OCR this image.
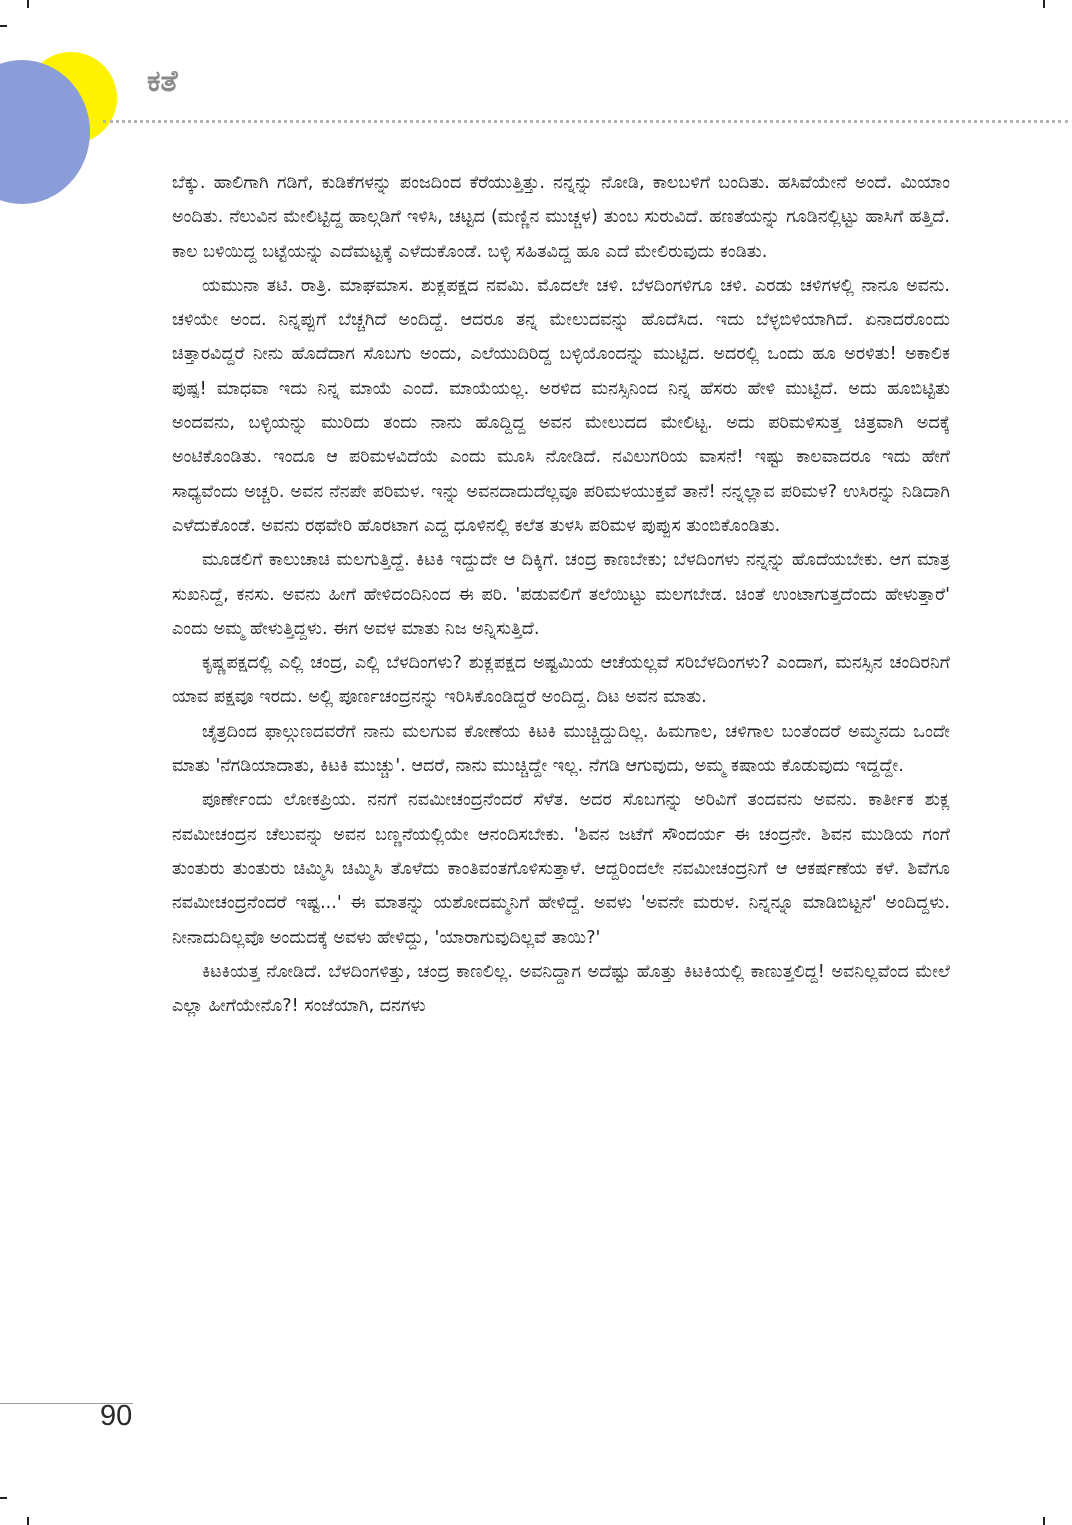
ಕತೆ

ಬೆಕ್ಕು. ಹಾಲಿಗಾಗಿ ಗಡಿಗೆ, ಕುಡಿಕೆಗಳನ್ನು ಪಂಜದಿಂದ ಕೆರೆಯುತ್ತಿತ್ತು. ನನ್ನನ್ನು ನೋಡಿ, ಕಾಲಬಳಿಗೆ ಬಂದಿತು. ಹಸಿವೆಯೇನೆ ಅಂದೆ. ಮಿಯಾಂ ಅಂದಿತು. ನೆಲುವಿನ ಮೇಲಿಟ್ಟಿದ್ದ ಹಾಲ್ಗಡಿಗೆ ಇಳಿಸಿ, ಚಟ್ಟದ (ಮಣ್ಣಿನ ಮುಚ್ಚಳ) ತುಂಬ ಸುರುವಿದೆ. ಹಣತೆಯನ್ನು ಗೂಡಿನಲ್ಲಿಟ್ಟು ಹಾಸಿಗೆ ಹತ್ತಿದೆ. ಕಾಲ ಬಳಿಯಿದ್ದ ಬಟ್ಟೆಯನ್ನು ಎದೆಮಟ್ಟಕ್ಕೆ ಎಳೆದುಕೊಂಡೆ. ಬಳ್ಳಿ ಸಹಿತವಿದ್ದ ಹೂ ಎದೆ ಮೇಲಿರುವುದು ಕಂಡಿತು.

ಯಮುನಾ ತಟಿ. ರಾತ್ರಿ. ಮಾಘಮಾಸ. ಶುಕ್ಲಪಕ್ಷದ ನವಮಿ. ಮೊದಲೇ ಚಳಿ. ಬೆಳದಿಂಗಳಿಗೂ ಚಳಿ. ಎರಡು ಚಳಿಗಳಲ್ಲಿ ನಾನೂ ಅವನು. ಚಳಿಯೇ ಅಂದ. ನಿನ್ನಪ್ಪುಗೆ ಬೆಚ್ಚಗಿದೆ ಅಂದಿದ್ದೆ. ಆದರೂ ತನ್ನ ಮೇಲುದವನ್ನು ಹೊದೆಸಿದ. ಇದು ಬೆಳ್ಳಬಿಳಿಯಾಗಿದೆ. ಏನಾದರೊಂದು ಚಿತ್ತಾರವಿದ್ದರೆ ನೀನು ಹೊದೆದಾಗ ಸೊಬಗು ಅಂದು, ಎಲೆಯುದಿರಿದ್ದ ಬಳ್ಳಿಯೊಂದನ್ನು ಮುಟ್ಟಿದ. ಅದರಲ್ಲಿ ಒಂದು ಹೂ ಅರಳಿತು! ಅಕಾಲಿಕ ಪುಷ್ಪ! ಮಾಧವಾ ಇದು ನಿನ್ನ ಮಾಯೆ ಎಂದೆ. ಮಾಯೆಯಲ್ಲ. ಅರಳಿದ ಮನಸ್ಸಿನಿಂದ ನಿನ್ನ ಹೆಸರು ಹೇಳಿ ಮುಟ್ಟಿದೆ. ಅದು ಹೂಬಿಟ್ಟಿತು ಅಂದವನು, ಬಳ್ಳಿಯನ್ನು ಮುರಿದು ತಂದು ನಾನು ಹೊದ್ದಿದ್ದ ಅವನ ಮೇಲುದದ ಮೇಲಿಟ್ಟ. ಅದು ಪರಿಮಳಿಸುತ್ತ ಚಿತ್ರವಾಗಿ ಅದಕ್ಕೆ ಅಂಟಿಕೊಂಡಿತು. ಇಂದೂ ಆ ಪರಿಮಳವಿದೆಯೆ ಎಂದು ಮೂಸಿ ನೋಡಿದೆ. ನವಿಲುಗರಿಯ ವಾಸನೆ! ಇಷ್ಟು ಕಾಲವಾದರೂ ಇದು ಹೇಗೆ ಸಾಧ್ಯವೆಂದು ಅಚ್ಚರಿ. ಅವನ ನೆನಪೇ ಪರಿಮಳ. ಇನ್ನು ಅವನದಾದುದೆಲ್ಲವೂ ಪರಿಮಳಯುಕ್ತವೆ ತಾನೆ! ನನ್ನಲ್ಲಾವ ಪರಿಮಳ? ಉಸಿರನ್ನು ನಿಡಿದಾಗಿ ಎಳೆದುಕೊಂಡೆ. ಅವನು ರಥವೇರಿ ಹೊರಟಾಗ ಎದ್ದ ಧೂಳಿನಲ್ಲಿ ಕಲೆತ ತುಳಸಿ ಪರಿಮಳ ಪುಪ್ಪುಸ ತುಂಬಿಕೊಂಡಿತು.

ಮೂಡಲಿಗೆ ಕಾಲುಚಾಚಿ ಮಲಗುತ್ತಿದ್ದೆ. ಕಿಟಕಿ ಇದ್ದುದೇ ಆ ದಿಕ್ಕಿಗೆ. ಚಂದ್ರ ಕಾಣಬೇಕು; ಬೆಳದಿಂಗಳು ನನ್ನನ್ನು ಹೊದೆಯಬೇಕು. ಆಗ ಮಾತ್ರ ಸುಖನಿದ್ದೆ, ಕನಸು. ಅವನು ಹೀಗೆ ಹೇಳಿದಂದಿನಿಂದ ಈ ಪರಿ. 'ಪಡುವಲಿಗೆ ತಲೆಯಿಟ್ಟು ಮಲಗಬೇಡ. ಚಿಂತೆ ಉಂಟಾಗುತ್ತದೆಂದು ಹೇಳುತ್ತಾರೆ' ಎಂದು ಅಮ್ಮ ಹೇಳುತ್ತಿದ್ದಳು. ಈಗ ಅವಳ ಮಾತು ನಿಜ ಅನ್ನಿಸುತ್ತಿದೆ.

ಕೃಷ್ಣಪಕ್ಷದಲ್ಲಿ ಎಲ್ಲಿ ಚಂದ್ರ, ಎಲ್ಲಿ ಬೆಳದಿಂಗಳು? ಶುಕ್ಲಪಕ್ಷದ ಅಷ್ಟಮಿಯ ಆಚೆಯಲ್ಲವೆ ಸರಿಬೆಳದಿಂಗಳು? ಎಂದಾಗ, ಮನಸ್ಸಿನ ಚಂದಿರನಿಗೆ ಯಾವ ಪಕ್ಷವೂ ಇರದು. ಅಲ್ಲಿ ಪೂರ್ಣಚಂದ್ರನನ್ನು ಇರಿಸಿಕೊಂಡಿದ್ದರೆ ಅಂದಿದ್ದ. ದಿಟ ಅವನ ಮಾತು.

ಚೈತ್ರದಿಂದ ಫಾಲ್ಗುಣದವರೆಗೆ ನಾನು ಮಲಗುವ ಕೋಣೆಯ ಕಿಟಕಿ ಮುಚ್ಚಿದ್ದುದಿಲ್ಲ. ಹಿಮಗಾಲ, ಚಳಿಗಾಲ ಬಂತೆಂದರೆ ಅಮ್ಮನದು ಒಂದೇ ಮಾತು 'ನೆಗಡಿಯಾದಾತು, ಕಿಟಕಿ ಮುಚ್ಚು'. ಆದರೆ, ನಾನು ಮುಚ್ಚಿದ್ದೇ ಇಲ್ಲ. ನೆಗಡಿ ಆಗುವುದು, ಅಮ್ಮ ಕಷಾಯ ಕೊಡುವುದು ಇದ್ದದ್ದೇ.

ಪೂರ್ಣೇಂದು ಲೋಕಪ್ರಿಯ. ನನಗೆ ನವಮೀಚಂದ್ರನೆಂದರೆ ಸೆಳೆತ. ಅದರ ಸೊಬಗನ್ನು ಅರಿವಿಗೆ ತಂದವನು ಅವನು. ಕಾರ್ತೀಕ ಶುಕ್ಲ ನವಮೀಚಂದ್ರನ ಚೆಲುವನ್ನು ಅವನ ಬಣ್ಣನೆಯಲ್ಲಿಯೇ ಆನಂದಿಸಬೇಕು. 'ಶಿವನ ಜಟೆಗೆ ಸೌಂದರ್ಯ ಈ ಚಂದ್ರನೇ. ಶಿವನ ಮುಡಿಯ ಗಂಗೆ ತುಂತುರು ತುಂತುರು ಚಿಮ್ಮಿಸಿ ಚಿಮ್ಮಿಸಿ ತೊಳೆದು ಕಾಂತಿವಂತಗೊಳಿಸುತ್ತಾಳೆ. ಆದ್ದರಿಂದಲೇ ನವಮೀಚಂದ್ರನಿಗೆ ಆ ಆಕರ್ಷಣೆಯ ಕಳೆ. ಶಿವೆಗೂ ನವಮೀಚಂದ್ರನೆಂದರೆ ಇಷ್ಟ...' ಈ ಮಾತನ್ನು ಯಶೋದಮ್ಮನಿಗೆ ಹೇಳಿದ್ದೆ. ಅವಳು 'ಅವನೇ ಮರುಳ. ನಿನ್ನನ್ನೂ ಮಾಡಿಬಿಟ್ಟನೆ' ಅಂದಿದ್ದಳು. ನೀನಾದುದಿಲ್ಲವೊ ಅಂದುದಕ್ಕೆ ಅವಳು ಹೇಳಿದ್ದು, 'ಯಾರಾಗುವುದಿಲ್ಲವೆ ತಾಯಿ?'

ಕಿಟಕಿಯತ್ತ ನೋಡಿದೆ. ಬೆಳದಿಂಗಳಿತ್ತು, ಚಂದ್ರ ಕಾಣಲಿಲ್ಲ. ಅವನಿದ್ದಾಗ ಅದೆಷ್ಟು ಹೊತ್ತು ಕಿಟಕಿಯಲ್ಲಿ ಕಾಣುತ್ತಲಿದ್ದ! ಅವನಿಲ್ಲವೆಂದ ಮೇಲೆ ಎಲ್ಲಾ ಹೀಗೆಯೇನೊ?! ಸಂಜೆಯಾಗಿ, ದನಗಳು

90
